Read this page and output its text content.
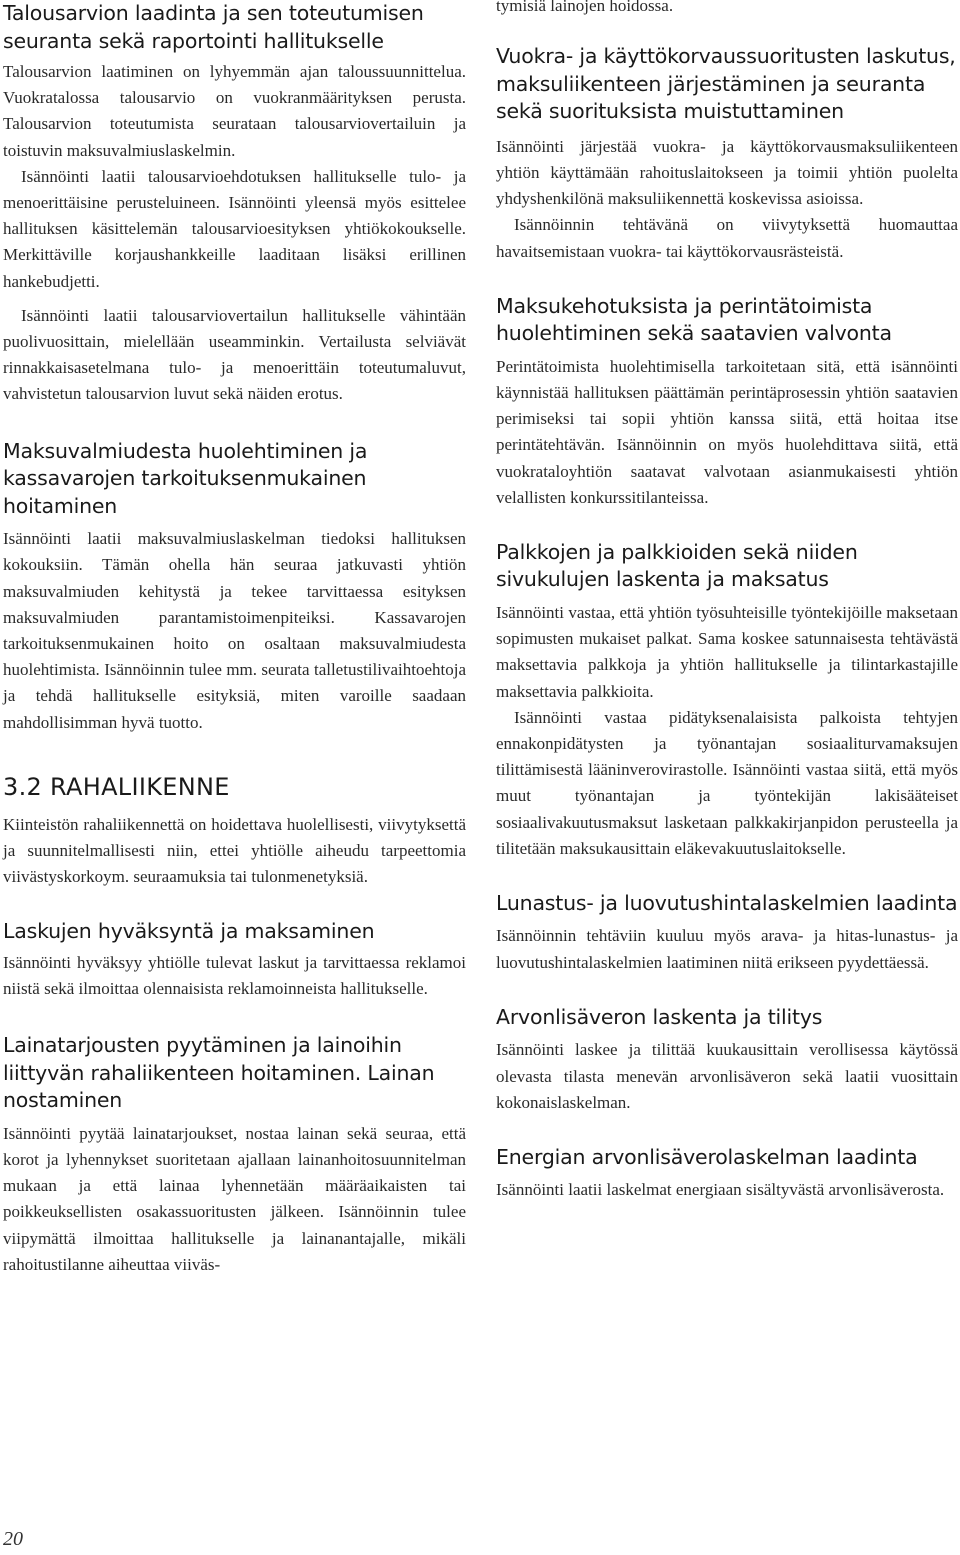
Talousarvion laadinta ja sen toteutumisen seuranta sekä raportointi hallitukselle

Talousarvion laatiminen on lyhyemmän ajan taloussuunnittelua. Vuokratalossa talousarvio on vuokranmäärityksen perusta. Talousarvion toteutumista seurataan talousarviovertailuin ja toistuvin maksuvalmiuslaskelmin.

Isännöinti laatii talousarvioehdotuksen hallitukselle tulo- ja menoerittäisine perusteluineen. Isännöinti yleensä myös esittelee hallituksen käsittelemän talousarvioesityksen yhtiökokoukselle. Merkittäville korjaushankkeille laaditaan lisäksi erillinen hankebudjetti.

Isännöinti laatii talousarviovertailun hallitukselle vähintään puolivuosittain, mielellään useamminkin. Vertailusta selviävät rinnakkaisasetelmana tulo- ja menoerittäin toteutumaluvut, vahvistetun talousarvion luvut sekä näiden erotus.

Maksuvalmiudesta huolehtiminen ja kassavarojen tarkoituksenmukainen hoitaminen

Isännöinti laatii maksuvalmiuslaskelman tiedoksi hallituksen kokouksiin. Tämän ohella hän seuraa jatkuvasti yhtiön maksuvalmiuden kehitystä ja tekee tarvittaessa esityksen maksuvalmiuden parantamistoimenpiteiksi. Kassavarojen tarkoituksenmukainen hoito on osaltaan maksuvalmiudesta huolehtimista. Isännöinnin tulee mm. seurata talletustilivaihtoehtoja ja tehdä hallitukselle esityksiä, miten varoille saadaan mahdollisimman hyvä tuotto.

3.2 RAHALIIKENNE

Kiinteistön rahaliikennettä on hoidettava huolellisesti, viivytyksettä ja suunnitelmallisesti niin, ettei yhtiölle aiheudu tarpeettomia viivästyskorkoym. seuraamuksia tai tulonmenetyksiä.

Laskujen hyväksyntä ja maksaminen

Isännöinti hyväksyy yhtiölle tulevat laskut ja tarvittaessa reklamoi niistä sekä ilmoittaa olennaisista reklamoinneista hallitukselle.

Lainatarjousten pyytäminen ja lainoihin liittyvän rahaliikenteen hoitaminen. Lainan nostaminen

Isännöinti pyytää lainatarjoukset, nostaa lainan sekä seuraa, että korot ja lyhennykset suoritetaan ajallaan lainanhoitosuunnitelman mukaan ja että lainaa lyhennetään määräaikaisten tai poikkeuksellisten osakassuoritusten jälkeen. Isännöinnin tulee viipymättä ilmoittaa hallitukselle ja lainanantajalle, mikäli rahoitustilanne aiheuttaa viiväs-

tymisiä lainojen hoidossa.

Vuokra- ja käyttökorvaussuoritusten laskutus, maksuliikenteen järjestäminen ja seuranta sekä suorituksista muistuttaminen

Isännöinti järjestää vuokra- ja käyttökorvausmaksuliikenteen yhtiön käyttämään rahoituslaitokseen ja toimii yhtiön puolelta yhdyshenkilönä maksuliikennettä koskevissa asioissa.

Isännöinnin tehtävänä on viivytyksettä huomauttaa havaitsemistaan vuokra- tai käyttökorvausrästeistä.

Maksukehotuksista ja perintätoimista huolehtiminen sekä saatavien valvonta

Perintätoimista huolehtimisella tarkoitetaan sitä, että isännöinti käynnistää hallituksen päättämän perintäprosessin yhtiön saatavien perimiseksi tai sopii yhtiön kanssa siitä, että hoitaa itse perintätehtävän. Isännöinnin on myös huolehdittava siitä, että vuokrataloyhtiön saatavat valvotaan asianmukaisesti yhtiön velallisten konkurssitilanteissa.

Palkkojen ja palkkioiden sekä niiden sivukulujen laskenta ja maksatus

Isännöinti vastaa, että yhtiön työsuhteisille työntekijöille maksetaan sopimusten mukaiset palkat. Sama koskee satunnaisesta tehtävästä maksettavia palkkoja ja yhtiön hallitukselle ja tilintarkastajille maksettavia palkkioita.

Isännöinti vastaa pidätyksenalaisista palkoista tehtyjen ennakonpidätysten ja työnantajan sosiaaliturvamaksujen tilittämisestä lääninverovirastolle. Isännöinti vastaa siitä, että myös muut työnantajan ja työntekijän lakisääteiset sosiaalivakuutusmaksut lasketaan palkkakirjanpidon perusteella ja tilitetään maksukausittain eläkevakuutuslaitokselle.

Lunastus- ja luovutushintalaskelmien laadinta

Isännöinnin tehtäviin kuuluu myös arava- ja hitas-lunastus- ja luovutushintalaskelmien laatiminen niitä erikseen pyydettäessä.

Arvonlisäveron laskenta ja tilitys

Isännöinti laskee ja tilittää kuukausittain verollisessa käytössä olevasta tilasta menevän arvonlisäveron sekä laatii vuosittain kokonaislaskelman.

Energian arvonlisäverolaskelman laadinta

Isännöinti laatii laskelmat energiaan sisältyvästä arvonlisäverosta.

20
